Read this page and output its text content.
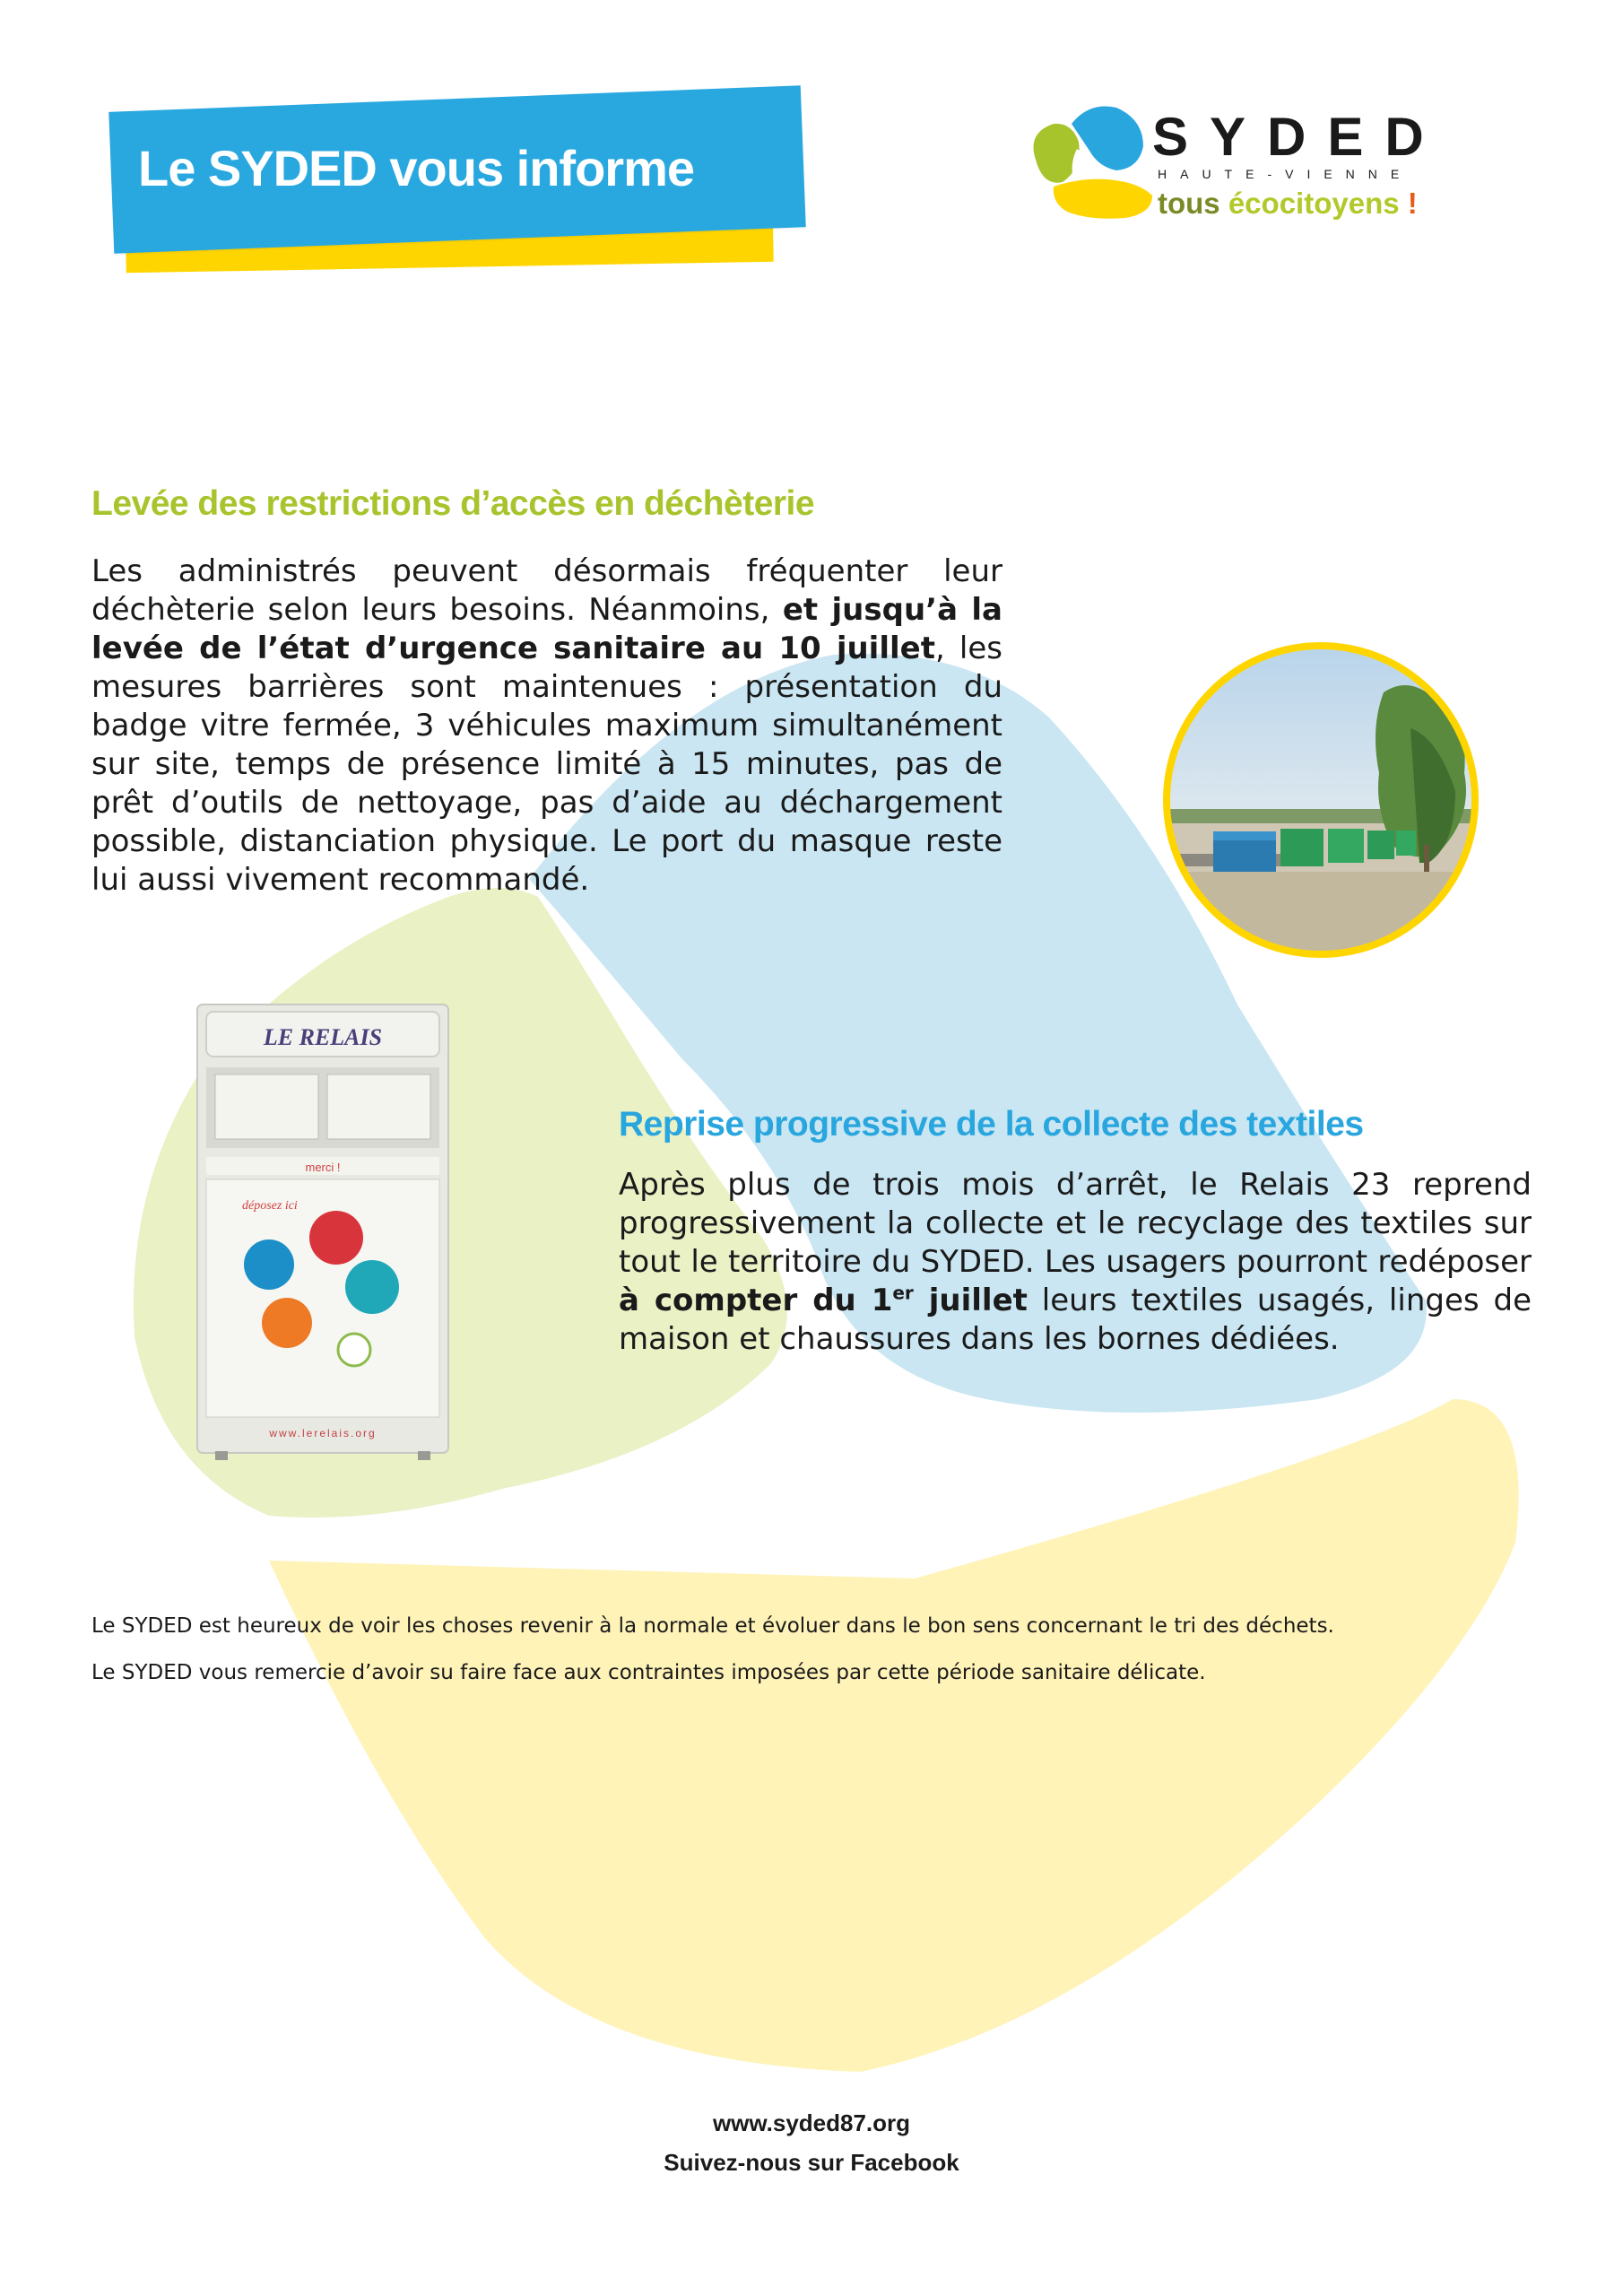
Le SYDED vous informe
SYDED
HAUTE-VIENNE
tous écocitoyens !
Levée des restrictions d’accès en déchèterie
Les administrés peuvent désormais fréquenter leur déchèterie selon leurs besoins. Néanmoins, et jusqu’à la levée de l’état d’urgence sanitaire au 10 juillet, les mesures barrières sont maintenues : présentation du badge vitre fermée, 3 véhicules maximum simultanément sur site, temps de présence limité à 15 minutes, pas de prêt d’outils de nettoyage, pas d’aide au déchargement possible, distanciation physique. Le port du masque reste lui aussi vivement recommandé.
LE RELAIS
merci !
déposez ici
www.lerelais.org
Reprise progressive de la collecte des textiles
Après plus de trois mois d’arrêt, le Relais 23 reprend progressivement la collecte et le recyclage des textiles sur tout le territoire du SYDED. Les usagers pourront redéposer à compter du 1er juillet leurs textiles usagés, linges de maison et chaussures dans les bornes dédiées.
Le SYDED est heureux de voir les choses revenir à la normale et évoluer dans le bon sens concernant le tri des déchets.
Le SYDED vous remercie d’avoir su faire face aux contraintes imposées par cette période sanitaire délicate.
www.syded87.org
Suivez-nous sur Facebook
